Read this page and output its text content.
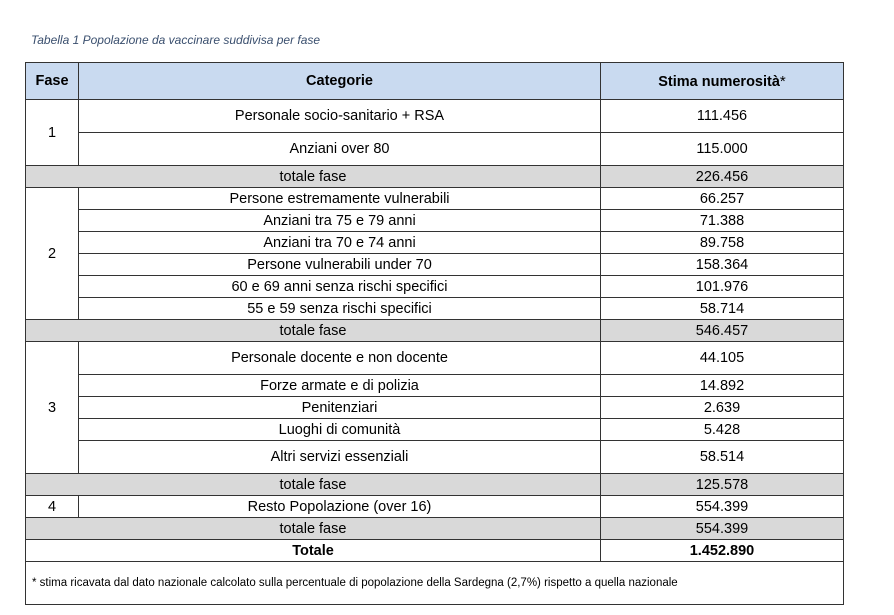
Tabella 1 Popolazione da vaccinare suddivisa per fase
Fase	Categorie	Stima numerosità*
1	Personale socio-sanitario + RSA	111.456
	Anziani over 80	115.000
totale fase		226.456
2	Persone estremamente vulnerabili	66.257
	Anziani tra 75 e 79 anni	71.388
	Anziani tra 70 e 74 anni	89.758
	Persone vulnerabili under 70	158.364
	60 e 69 anni senza rischi specifici	101.976
	55 e 59 senza rischi specifici	58.714
totale fase		546.457
3	Personale docente e non docente	44.105
	Forze armate e di polizia	14.892
	Penitenziari	2.639
	Luoghi di comunità	5.428
	Altri servizi essenziali	58.514
totale fase		125.578
4	Resto Popolazione (over 16)	554.399
totale fase		554.399
Totale		1.452.890
* stima ricavata dal dato nazionale calcolato sulla percentuale di popolazione della Sardegna (2,7%) rispetto a quella nazionale		
